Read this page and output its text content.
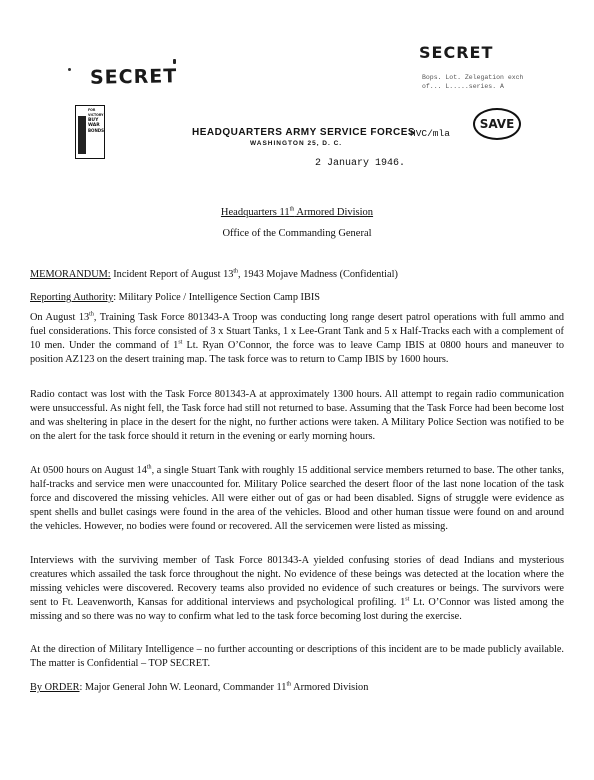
SECRET
SECRET
Bops. Lot. Zelegation exch
of... L.....series. A
SAVE
FOR VICTORY
BUY
WAR
BONDS	HEADQUARTERS ARMY SERVICE FORCES
WASHINGTON 25, D. C.
HVC/mla
2 January 1946.
Headquarters 11th Armored Division
Office of the Commanding General
MEMORANDUM: Incident Report of August 13th, 1943 Mojave Madness (Confidential)
Reporting Authority: Military Police / Intelligence Section Camp IBIS
On August 13th, Training Task Force 801343-A Troop was conducting long range desert patrol operations with full ammo and fuel considerations. This force consisted of 3 x Stuart Tanks, 1 x Lee-Grant Tank and 5 x Half-Tracks each with a complement of 10 men. Under the command of 1st Lt. Ryan O’Connor, the force was to leave Camp IBIS at 0800 hours and maneuver to position AZ123 on the desert training map. The task force was to return to Camp IBIS by 1600 hours.
Radio contact was lost with the Task Force 801343-A at approximately 1300 hours. All attempt to regain radio communication were unsuccessful. As night fell, the Task force had still not returned to base. Assuming that the Task Force had been become lost and was sheltering in place in the desert for the night, no further actions were taken. A Military Police Section was notified to be on the alert for the task force should it return in the evening or early morning hours.
At 0500 hours on August 14th, a single Stuart Tank with roughly 15 additional service members returned to base. The other tanks, half-tracks and service men were unaccounted for. Military Police searched the desert floor of the last none location of the task force and discovered the missing vehicles. All were either out of gas or had been disabled. Signs of struggle were evidence as spent shells and bullet casings were found in the area of the vehicles. Blood and other human tissue were found on and around the vehicles. However, no bodies were found or recovered. All the servicemen were listed as missing.
Interviews with the surviving member of Task Force 801343-A yielded confusing stories of dead Indians and mysterious creatures which assailed the task force throughout the night. No evidence of these beings was detected at the location where the missing vehicles were discovered. Recovery teams also provided no evidence of such creatures or beings. The survivors were sent to Ft. Leavenworth, Kansas for additional interviews and psychological profiling. 1st Lt. O’Connor was listed among the missing and so there was no way to confirm what led to the task force becoming lost during the exercise.
At the direction of Military Intelligence – no further accounting or descriptions of this incident are to be made publicly available. The matter is Confidential – TOP SECRET.
By ORDER: Major General John W. Leonard, Commander 11th Armored Division
